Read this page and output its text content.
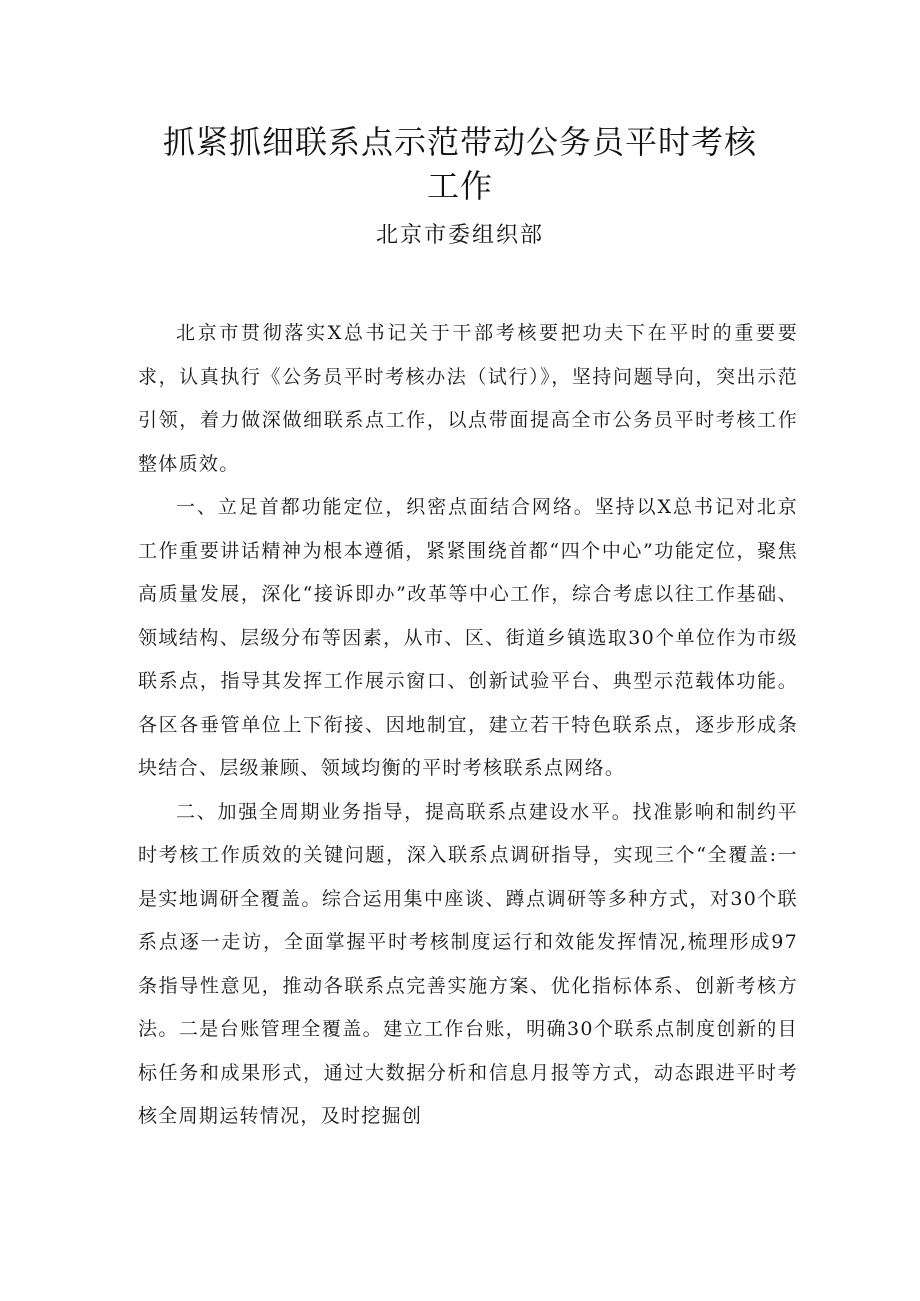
抓紧抓细联系点示范带动公务员平时考核
工作
北京市委组织部

北京市贯彻落实X总书记关于干部考核要把功夫下在平时的重要要求，认真执行《公务员平时考核办法（试行）》，坚持问题导向，突出示范引领，着力做深做细联系点工作，以点带面提高全市公务员平时考核工作整体质效。

一、立足首都功能定位，织密点面结合网络。坚持以X总书记对北京工作重要讲话精神为根本遵循，紧紧围绕首都“四个中心”功能定位，聚焦高质量发展，深化“接诉即办”改革等中心工作，综合考虑以往工作基础、领域结构、层级分布等因素，从市、区、街道乡镇选取30个单位作为市级联系点，指导其发挥工作展示窗口、创新试验平台、典型示范载体功能。各区各垂管单位上下衔接、因地制宜，建立若干特色联系点，逐步形成条块结合、层级兼顾、领域均衡的平时考核联系点网络。

二、加强全周期业务指导，提高联系点建设水平。找准影响和制约平时考核工作质效的关键问题，深入联系点调研指导，实现三个“全覆盖:一是实地调研全覆盖。综合运用集中座谈、蹲点调研等多种方式，对30个联系点逐一走访，全面掌握平时考核制度运行和效能发挥情况,梳理形成97条指导性意见，推动各联系点完善实施方案、优化指标体系、创新考核方法。二是台账管理全覆盖。建立工作台账，明确30个联系点制度创新的目标任务和成果形式，通过大数据分析和信息月报等方式，动态跟进平时考核全周期运转情况，及时挖掘创
